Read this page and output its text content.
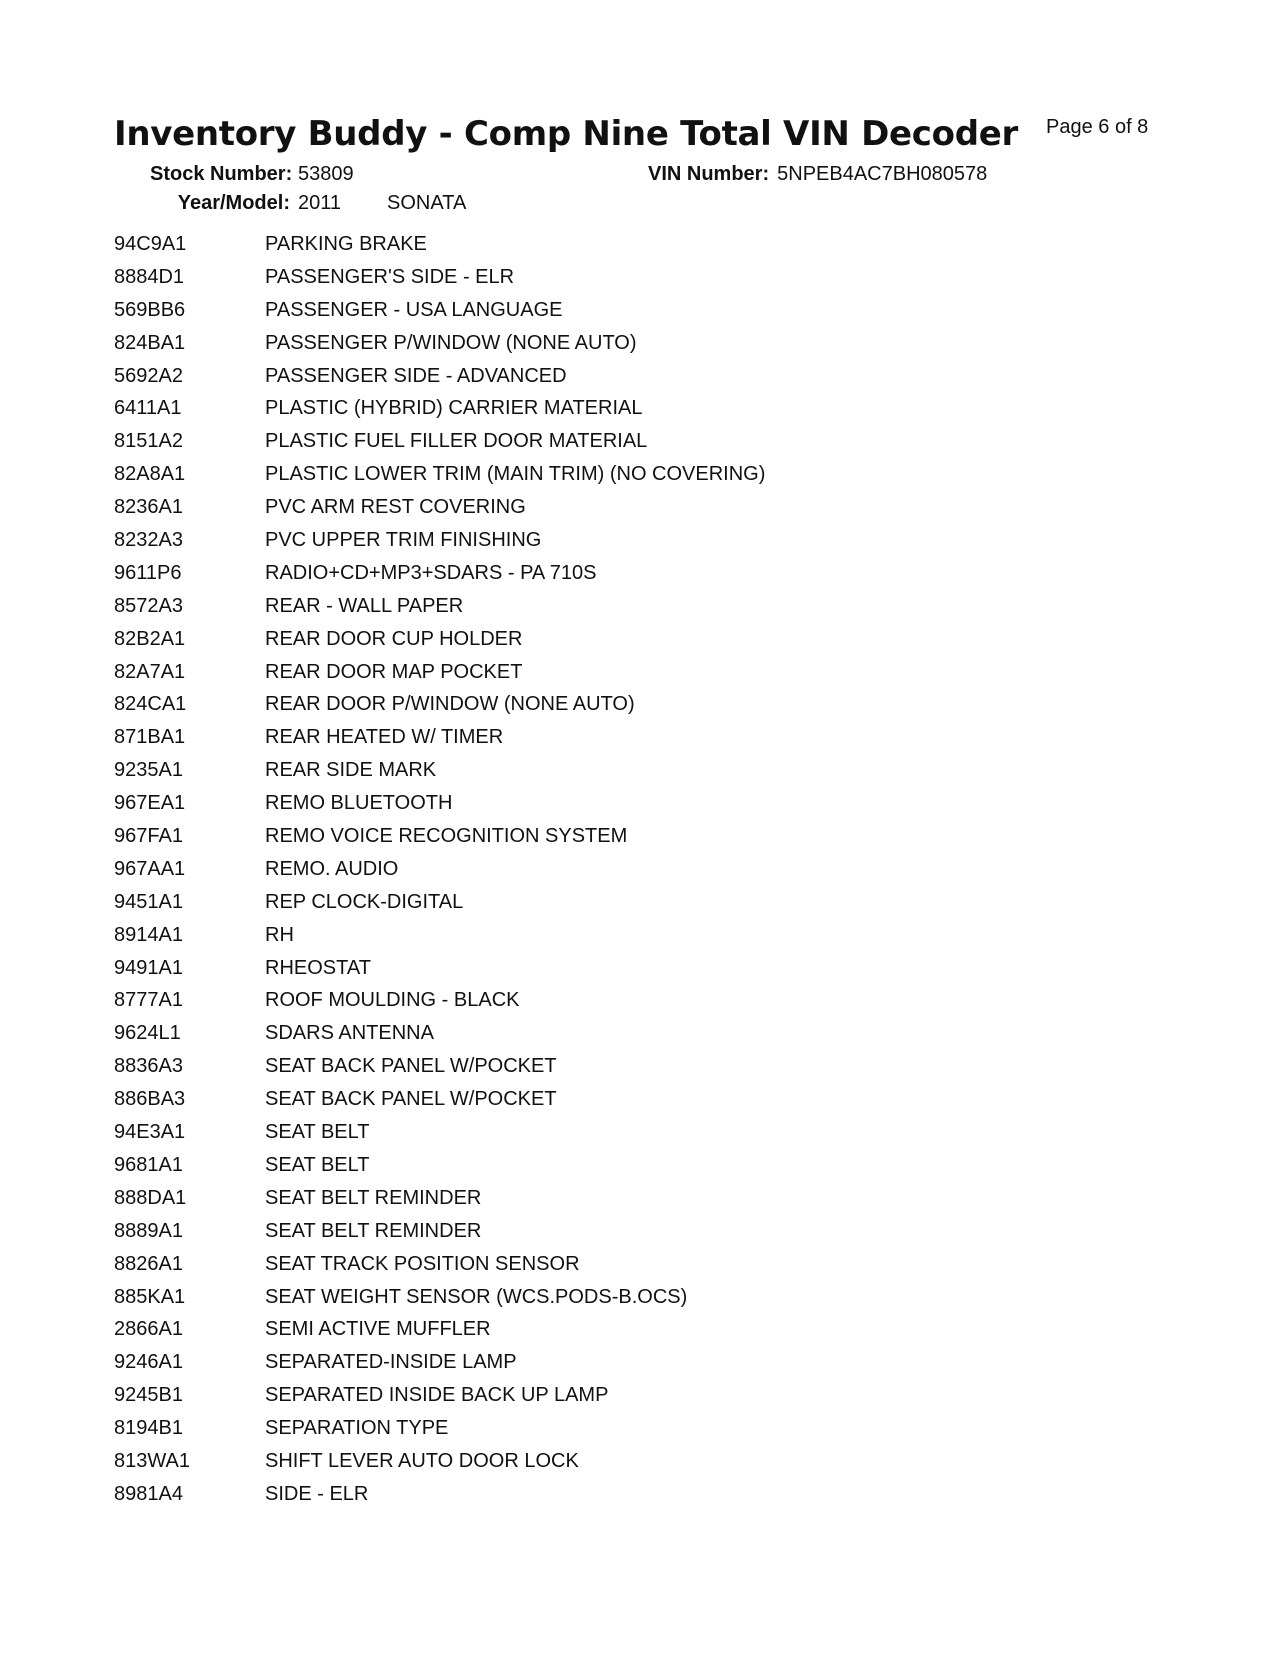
Inventory Buddy - Comp Nine Total VIN Decoder Page 6 of 8
Stock Number: 53809
Year/Model: 2011 SONATA
VIN Number: 5NPEB4AC7BH080578
94C9A1	PARKING BRAKE
8884D1	PASSENGER'S SIDE - ELR
569BB6	PASSENGER - USA LANGUAGE
824BA1	PASSENGER P/WINDOW (NONE AUTO)
5692A2	PASSENGER SIDE - ADVANCED
6411A1	PLASTIC (HYBRID) CARRIER MATERIAL
8151A2	PLASTIC FUEL FILLER DOOR MATERIAL
82A8A1	PLASTIC LOWER TRIM (MAIN TRIM) (NO COVERING)
8236A1	PVC ARM REST COVERING
8232A3	PVC UPPER TRIM FINISHING
9611P6	RADIO+CD+MP3+SDARS - PA 710S
8572A3	REAR - WALL PAPER
82B2A1	REAR DOOR CUP HOLDER
82A7A1	REAR DOOR MAP POCKET
824CA1	REAR DOOR P/WINDOW (NONE AUTO)
871BA1	REAR HEATED W/ TIMER
9235A1	REAR SIDE MARK
967EA1	REMO BLUETOOTH
967FA1	REMO VOICE RECOGNITION SYSTEM
967AA1	REMO. AUDIO
9451A1	REP CLOCK-DIGITAL
8914A1	RH
9491A1	RHEOSTAT
8777A1	ROOF MOULDING - BLACK
9624L1	SDARS ANTENNA
8836A3	SEAT BACK PANEL W/POCKET
886BA3	SEAT BACK PANEL W/POCKET
94E3A1	SEAT BELT
9681A1	SEAT BELT
888DA1	SEAT BELT REMINDER
8889A1	SEAT BELT REMINDER
8826A1	SEAT TRACK POSITION SENSOR
885KA1	SEAT WEIGHT SENSOR (WCS.PODS-B.OCS)
2866A1	SEMI ACTIVE MUFFLER
9246A1	SEPARATED-INSIDE LAMP
9245B1	SEPARATED INSIDE BACK UP LAMP
8194B1	SEPARATION TYPE
813WA1	SHIFT LEVER AUTO DOOR LOCK
8981A4	SIDE - ELR
